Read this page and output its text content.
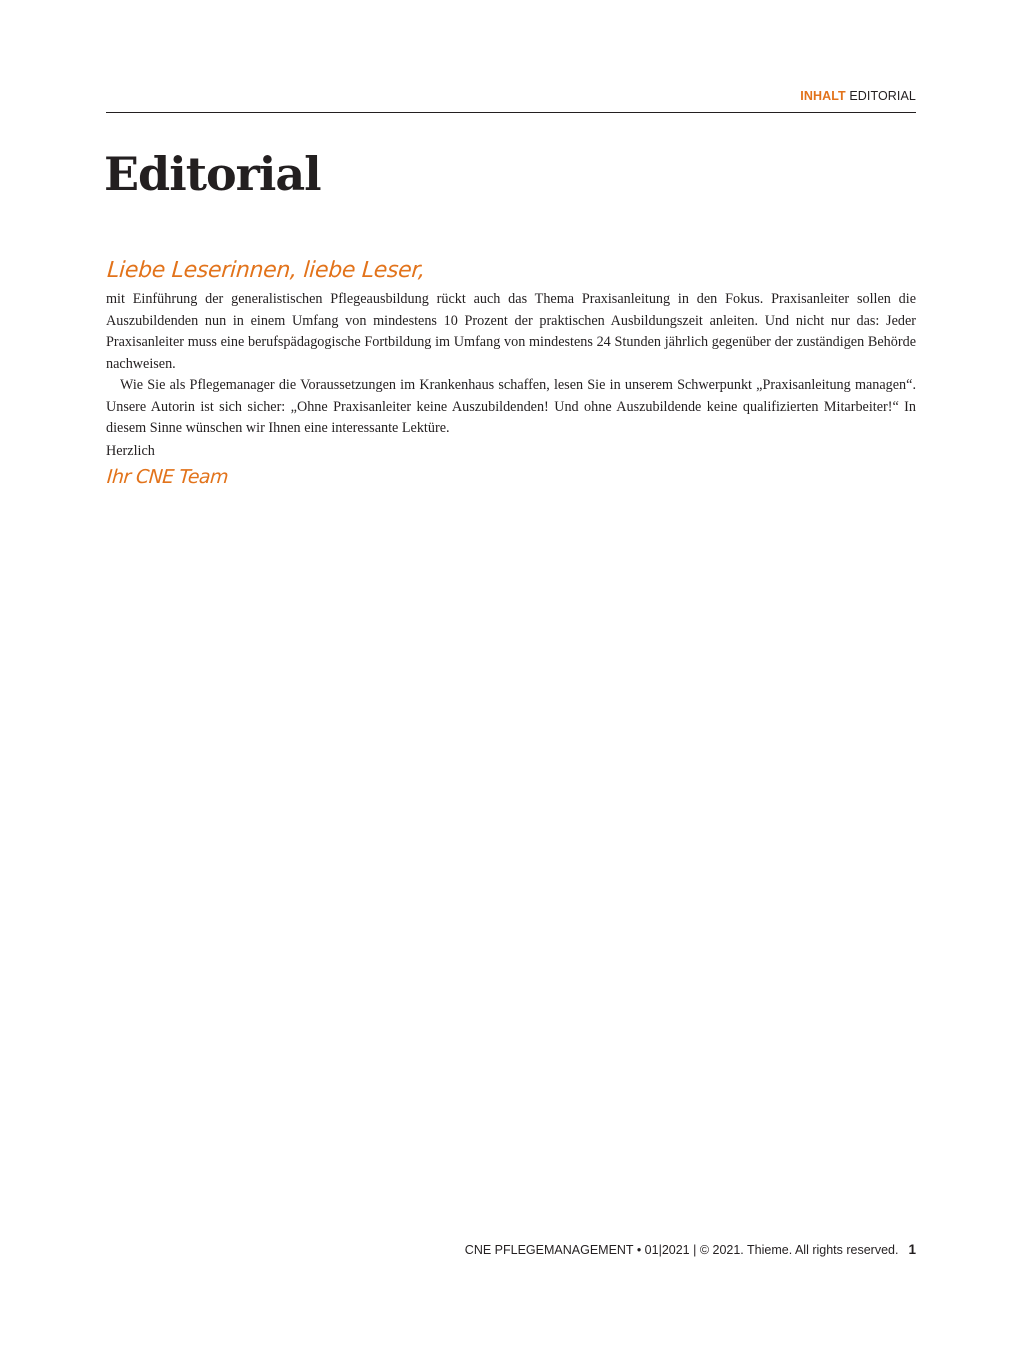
INHALT EDITORIAL
Editorial
Liebe Leserinnen, liebe Leser,

mit Einführung der generalistischen Pflegeausbildung rückt auch das Thema Praxisanleitung in den Fokus. Praxisanleiter sollen die Auszubildenden nun in einem Umfang von mindestens 10 Prozent der praktischen Ausbildungszeit anleiten. Und nicht nur das: Jeder Praxisanleiter muss eine berufspädagogische Fortbildung im Umfang von mindestens 24 Stunden jährlich gegenüber der zuständigen Behörde nachweisen.

Wie Sie als Pflegemanager die Voraussetzungen im Krankenhaus schaffen, lesen Sie in unserem Schwerpunkt „Praxisanleitung managen“. Unsere Autorin ist sich sicher: „Ohne Praxisanleiter keine Auszubildenden! Und ohne Auszubildende keine qualifizierten Mitarbeiter!“ In diesem Sinne wünschen wir Ihnen eine interessante Lektüre.

Herzlich
Ihr CNE Team
CNE PFLEGEMANAGEMENT • 01|2021 | © 2021. Thieme. All rights reserved. 1
